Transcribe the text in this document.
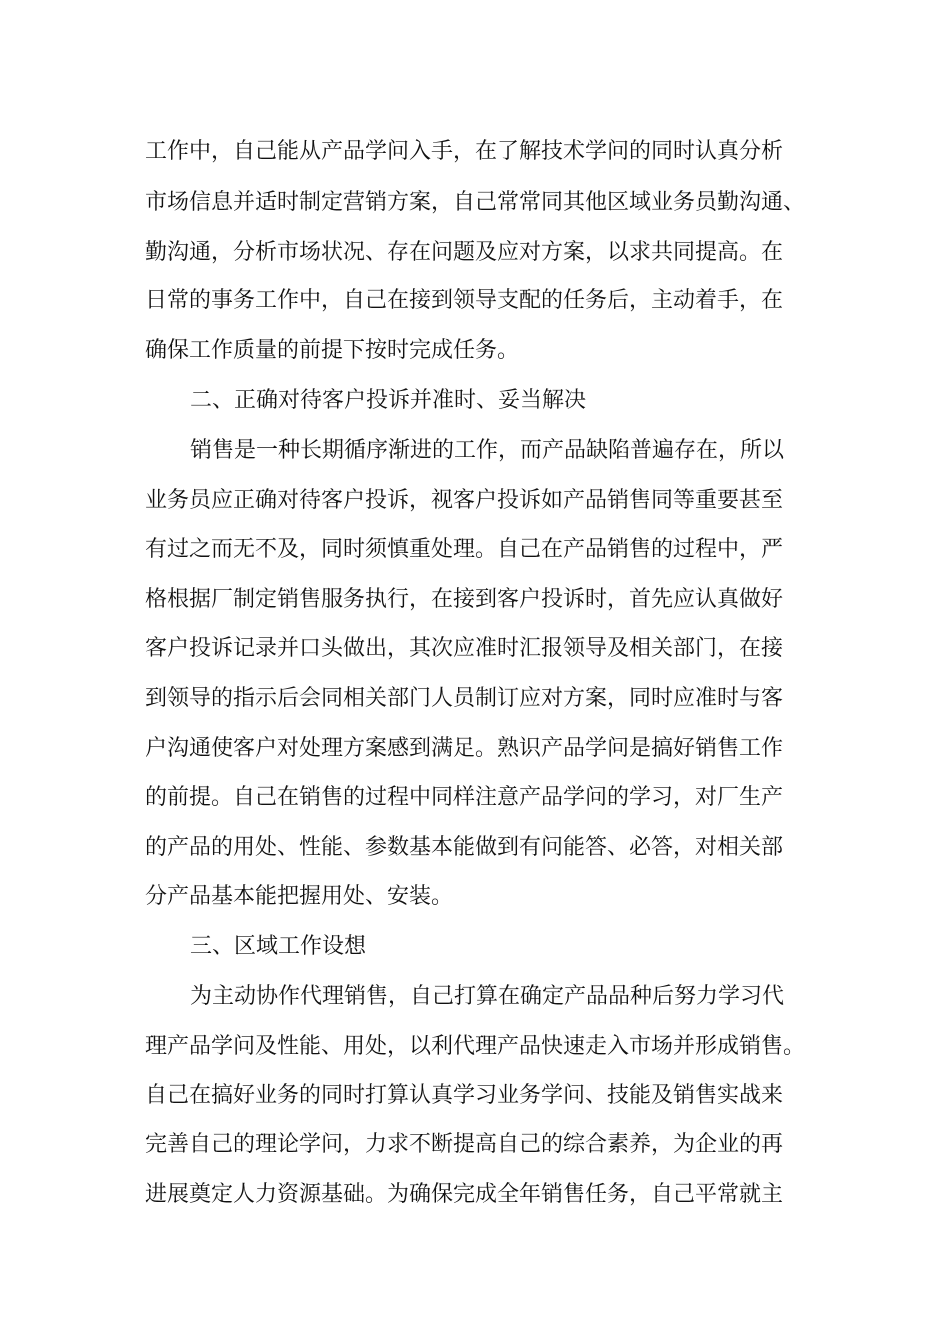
工作中，自己能从产品学问入手，在了解技术学问的同时认真分析
市场信息并适时制定营销方案，自己常常同其他区域业务员勤沟通、
勤沟通，分析市场状况、存在问题及应对方案，以求共同提高。在
日常的事务工作中，自己在接到领导支配的任务后，主动着手，在
确保工作质量的前提下按时完成任务。
二、正确对待客户投诉并准时、妥当解决
销售是一种长期循序渐进的工作，而产品缺陷普遍存在，所以
业务员应正确对待客户投诉，视客户投诉如产品销售同等重要甚至
有过之而无不及，同时须慎重处理。自己在产品销售的过程中，严
格根据厂制定销售服务执行，在接到客户投诉时，首先应认真做好
客户投诉记录并口头做出，其次应准时汇报领导及相关部门，在接
到领导的指示后会同相关部门人员制订应对方案，同时应准时与客
户沟通使客户对处理方案感到满足。熟识产品学问是搞好销售工作
的前提。自己在销售的过程中同样注意产品学问的学习，对厂生产
的产品的用处、性能、参数基本能做到有问能答、必答，对相关部
分产品基本能把握用处、安装。
三、区域工作设想
为主动协作代理销售，自己打算在确定产品品种后努力学习代
理产品学问及性能、用处，以利代理产品快速走入市场并形成销售。
自己在搞好业务的同时打算认真学习业务学问、技能及销售实战来
完善自己的理论学问，力求不断提高自己的综合素养，为企业的再
进展奠定人力资源基础。为确保完成全年销售任务，自己平常就主
